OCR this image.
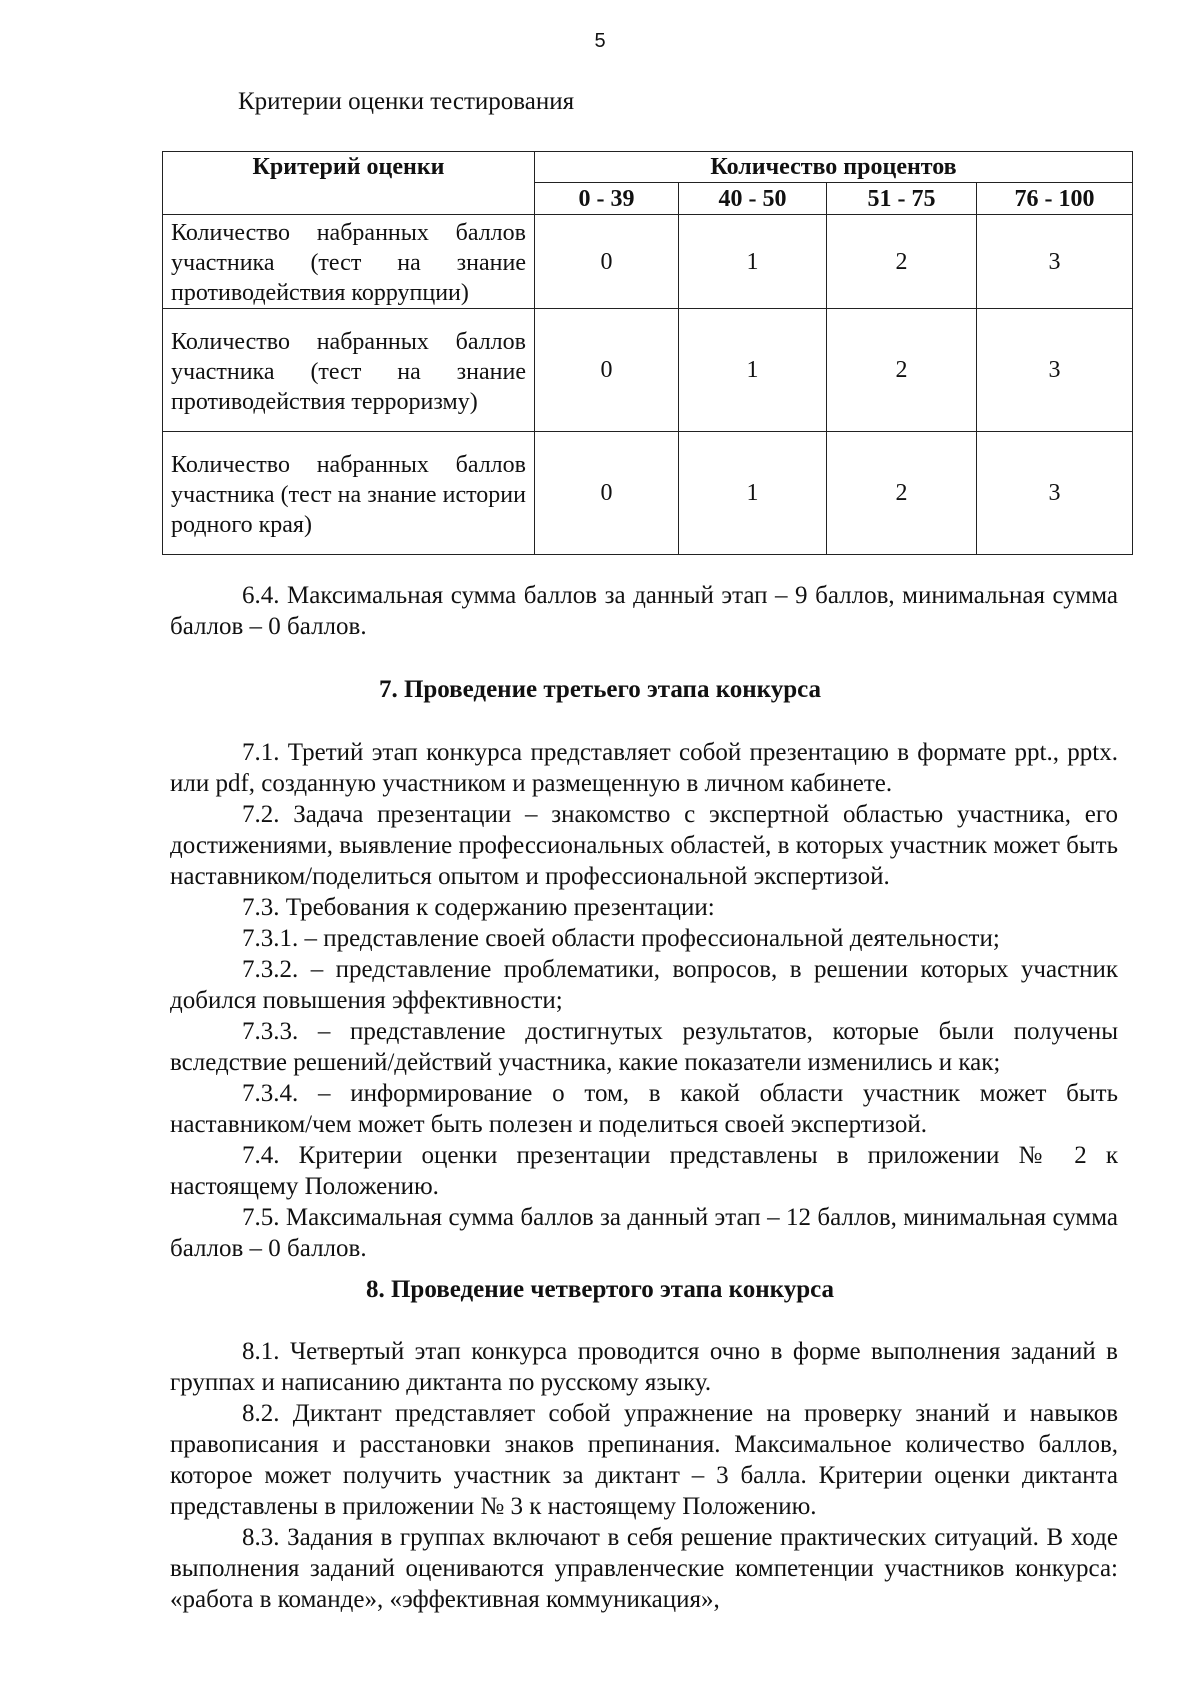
5
Критерии оценки тестирования
Критерий оценки	Количество процентов			
	0 - 39	40 - 50	51 - 75	76 - 100
Количество набранных баллов участника (тест на знание противодействия коррупции)	0	1	2	3
Количество набранных баллов участника (тест на знание противодействия терроризму)	0	1	2	3
Количество набранных баллов участника (тест на знание истории родного края)	0	1	2	3

6.4. Максимальная сумма баллов за данный этап – 9 баллов, минимальная сумма баллов – 0 баллов.

7. Проведение третьего этапа конкурса

7.1. Третий этап конкурса представляет собой презентацию в формате ppt., pptx. или pdf, созданную участником и размещенную в личном кабинете.

7.2. Задача презентации – знакомство с экспертной областью участника, его достижениями, выявление профессиональных областей, в которых участник может быть наставником/поделиться опытом и профессиональной экспертизой.

7.3. Требования к содержанию презентации:

7.3.1. – представление своей области профессиональной деятельности;

7.3.2. – представление проблематики, вопросов, в решении которых участник добился повышения эффективности;

7.3.3. – представление достигнутых результатов, которые были получены вследствие решений/действий участника, какие показатели изменились и как;

7.3.4. – информирование о том, в какой области участник может быть наставником/чем может быть полезен и поделиться своей экспертизой.

7.4. Критерии оценки презентации представлены в приложении № 2 к настоящему Положению.

7.5. Максимальная сумма баллов за данный этап – 12 баллов, минимальная сумма баллов – 0 баллов.

8. Проведение четвертого этапа конкурса

8.1. Четвертый этап конкурса проводится очно в форме выполнения заданий в группах и написанию диктанта по русскому языку.

8.2. Диктант представляет собой упражнение на проверку знаний и навыков правописания и расстановки знаков препинания. Максимальное количество баллов, которое может получить участник за диктант – 3 балла. Критерии оценки диктанта представлены в приложении № 3 к настоящему Положению.

8.3. Задания в группах включают в себя решение практических ситуаций. В ходе выполнения заданий оцениваются управленческие компетенции участников конкурса: «работа в команде», «эффективная коммуникация»,
